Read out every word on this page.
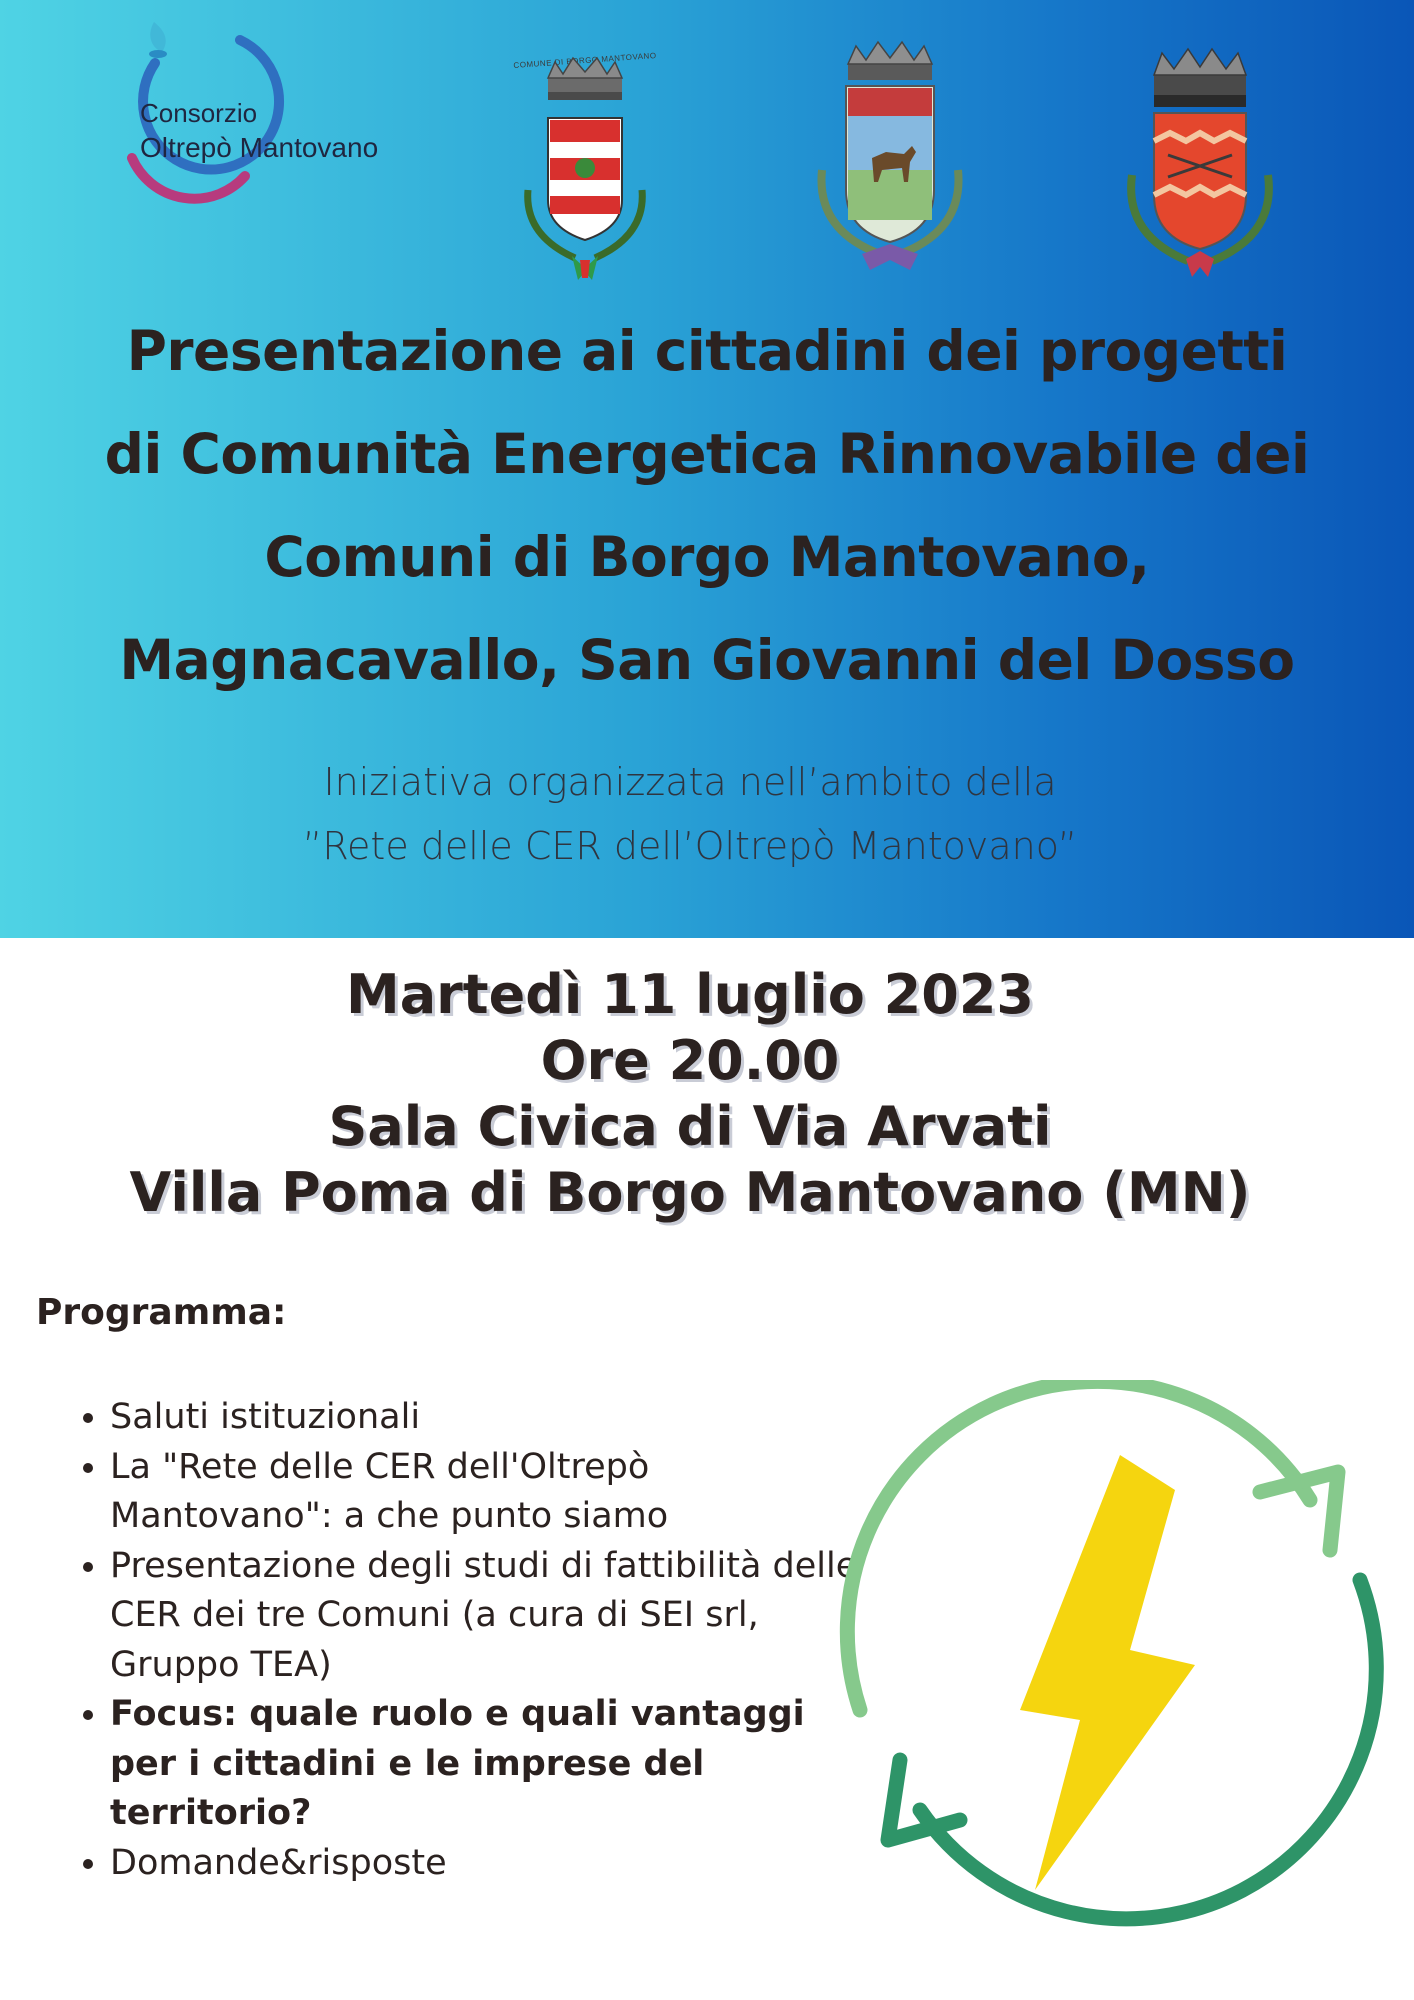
Consorzio
Oltrepò Mantovano
COMUNE DI BORGO MANTOVANO
Presentazione ai cittadini dei progetti
di Comunità Energetica Rinnovabile dei
Comuni di Borgo Mantovano,
Magnacavallo, San Giovanni del Dosso
Iniziativa organizzata nell’ambito della
”Rete delle CER dell’Oltrepò Mantovano”
Martedì 11 luglio 2023
Ore 20.00
Sala Civica di Via Arvati
Villa Poma di Borgo Mantovano (MN)
Programma:
• Saluti istituzionali
• La "Rete delle CER dell'Oltrepò Mantovano": a che punto siamo
• Presentazione degli studi di fattibilità delle CER dei tre Comuni (a cura di SEI srl, Gruppo TEA)
• Focus: quale ruolo e quali vantaggi per i cittadini e le imprese del territorio?
• Domande&risposte
